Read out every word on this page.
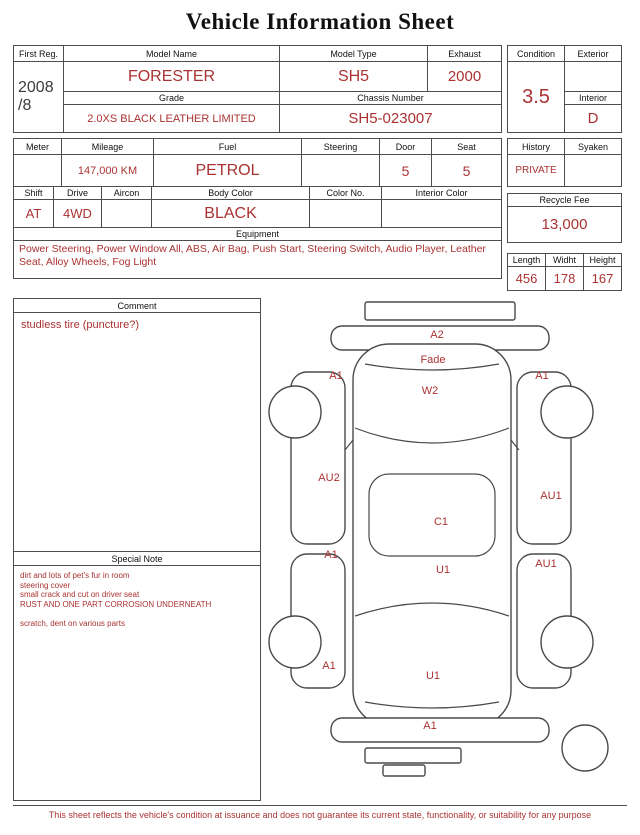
Vehicle Information Sheet
First Reg.	Model Name	Model Type	Exhaust

2008
/8	FORESTER	SH5	2000
	Grade	Chassis Number	
	2.0XS BLACK LEATHER LIMITED	SH5-023007	
Meter	Mileage	Fuel	Steering	Door	Seat
	147,000 KM	PETROL		5	5
Shift	Drive	Aircon	Body Color	Color No.	Interior Color
AT	4WD		BLACK		
Equipment
Power Steering, Power Window All, ABS, Air Bag, Push Start, Steering Switch, Audio Player, Leather Seat, Alloy Wheels, Fog Light
Condition	Exterior
3.5	
	Interior
	D
History	Syaken
PRIVATE	
Recycle Fee
13,000
Length	Widht	Height
456	178	167
Comment
studless tire (puncture?)
Special Note
dirt and lots of pet's fur in room
steering cover
small crack and cut on driver seat
RUST AND ONE PART CORROSION UNDERNEATH

scratch, dent on various parts
A2
Fade
A1
W2
A1
AU2
AU1
C1
A1
U1	AU1
A1
U1
A1
This sheet reflects the vehicle's condition at issuance and does not guarantee its current state, functionality, or suitability for any purpose
